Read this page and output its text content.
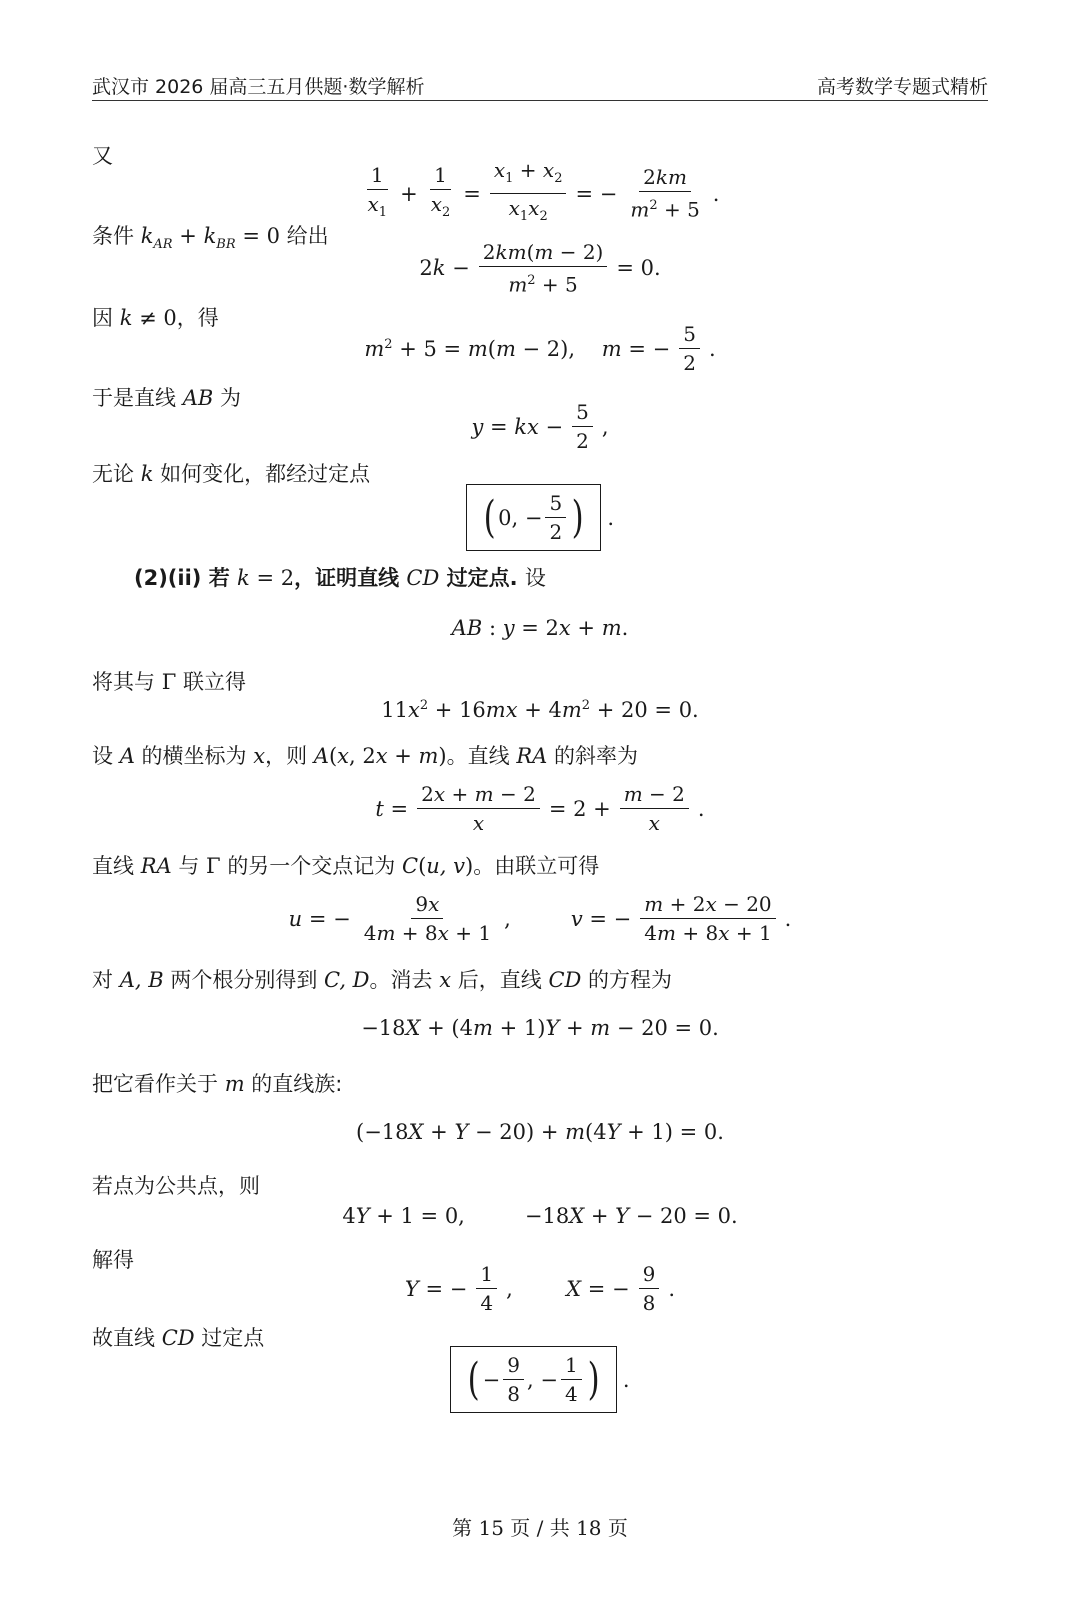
武汉市 2026 届高三五月供题·数学解析	高考数学专题式精析
又
$\frac{1}{x_1} + \frac{1}{x_2} = \frac{x_1 + x_2}{x_1x_2}$ = − $\frac{2km}{m^2 + 5}$ .
条件 $k_{AR} + k_{BR} = 0$ 给出
$2k - \frac{2km(m - 2)}{m^2 + 5} = 0$.
因 k ≠ 0，得
$m^2 + 5 = m(m - 2)$,    m = − $\frac{5}{2}$ .
于是直线 AB 为
y = kx − $\frac{5}{2}$ ,
无论 k 如何变化，都经过定点
( 0, − $\frac{5}{2}$ ) .
(2)(ii) 若 k = 2，证明直线 CD 过定点. 设
AB : y = 2x + m.
将其与 Γ 联立得
$11x^2 + 16mx + 4m^2 + 20 = 0$.
设 A 的横坐标为 x，则 A(x, 2x + m)。直线 RA 的斜率为
$t = \frac{2x + m - 2}{x} = 2 + \frac{m - 2}{x}$ .
直线 RA 与 Γ 的另一个交点记为 C(u, v)。由联立可得
u = − $\frac{9x}{4m + 8x + 1}$ ,         v = − $\frac{m + 2x - 20}{4m + 8x + 1}$ .
对 A, B 两个根分别得到 C, D。消去 x 后，直线 CD 的方程为
−18X + (4m + 1)Y + m − 20 = 0.
把它看作关于 m 的直线族:
(−18X + Y − 20) + m(4Y + 1) = 0.
若点为公共点，则
4Y + 1 = 0,         −18X + Y − 20 = 0.
解得
Y = − $\frac{1}{4}$ ,        X = − $\frac{9}{8}$ .
故直线 CD 过定点
( − $\frac{9}{8}$ , − $\frac{1}{4}$ ) .
第 15 页 / 共 18 页
